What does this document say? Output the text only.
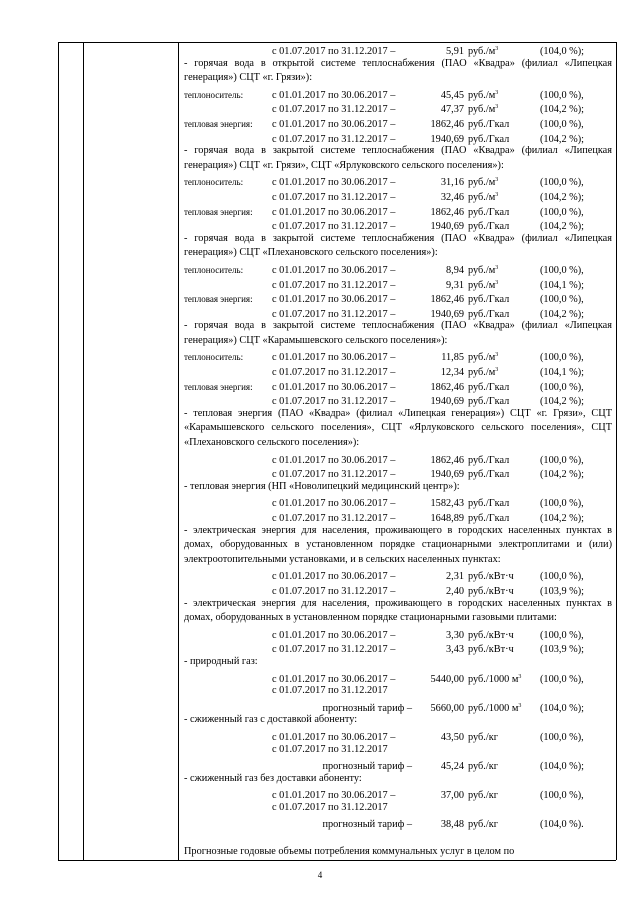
с 01.07.2017 по 31.12.2017 –	5,91 $руб./м^3$	(104,0 %);
- горячая вода в открытой системе теплоснабжения (ПАО «Квадра» (филиал «Липецкая генерация») СЦТ «г. Грязи»):
теплоноситель:	с 01.01.2017 по 30.06.2017 –	45,45 $руб./м^3$	(100,0 %),
с 01.07.2017 по 31.12.2017 –	47,37 $руб./м^3$	(104,2 %);
тепловая энергия:	с 01.01.2017 по 30.06.2017 –	1862,46 руб./Гкал	(100,0 %),
с 01.07.2017 по 31.12.2017 –	1940,69 руб./Гкал	(104,2 %);
- горячая вода в закрытой системе теплоснабжения (ПАО «Квадра» (филиал «Липецкая генерация») СЦТ «г. Грязи», СЦТ «Ярлуковского сельского поселения»):
теплоноситель:	с 01.01.2017 по 30.06.2017 –	31,16 $руб./м^3$	(100,0 %),
с 01.07.2017 по 31.12.2017 –	32,46 $руб./м^3$	(104,2 %);
тепловая энергия:	с 01.01.2017 по 30.06.2017 –	1862,46 руб./Гкал	(100,0 %),
с 01.07.2017 по 31.12.2017 –	1940,69 руб./Гкал	(104,2 %);
- горячая вода в закрытой системе теплоснабжения (ПАО «Квадра» (филиал «Липецкая генерация») СЦТ «Плехановского сельского поселения»):
теплоноситель:	с 01.01.2017 по 30.06.2017 –	8,94 $руб./м^3$	(100,0 %),
с 01.07.2017 по 31.12.2017 –	9,31 $руб./м^3$	(104,1 %);
тепловая энергия:	с 01.01.2017 по 30.06.2017 –	1862,46 руб./Гкал	(100,0 %),
с 01.07.2017 по 31.12.2017 –	1940,69 руб./Гкал	(104,2 %);
- горячая вода в закрытой системе теплоснабжения (ПАО «Квадра» (филиал «Липецкая генерация») СЦТ «Карамышевского сельского поселения»):
теплоноситель:	с 01.01.2017 по 30.06.2017 –	11,85 $руб./м^3$	(100,0 %),
с 01.07.2017 по 31.12.2017 –	12,34 $руб./м^3$	(104,1 %);
тепловая энергия:	с 01.01.2017 по 30.06.2017 –	1862,46 руб./Гкал	(100,0 %),
с 01.07.2017 по 31.12.2017 –	1940,69 руб./Гкал	(104,2 %);
- тепловая энергия (ПАО «Квадра» (филиал «Липецкая генерация») СЦТ «г. Грязи», СЦТ «Карамышевского сельского поселения», СЦТ «Ярлуковского сельского поселения», СЦТ «Плехановского сельского поселения»):
с 01.01.2017 по 30.06.2017 –	1862,46 руб./Гкал	(100,0 %),
с 01.07.2017 по 31.12.2017 –	1940,69 руб./Гкал	(104,2 %);
- тепловая энергия (НП «Новолипецкий медицинский центр»):
с 01.01.2017 по 30.06.2017 –	1582,43 руб./Гкал	(100,0 %),
с 01.07.2017 по 31.12.2017 –	1648,89 руб./Гкал	(104,2 %);
- электрическая энергия для населения, проживающего в городских населенных пунктах в домах, оборудованных в установленном порядке стационарными электроплитами и (или) электроотопительными установками, и в сельских населенных пунктах:
с 01.01.2017 по 30.06.2017 –	2,31 руб./кВт·ч	(100,0 %),
с 01.07.2017 по 31.12.2017 –	2,40 руб./кВт·ч	(103,9 %);
- электрическая энергия для населения, проживающего в городских населенных пунктах в домах, оборудованных в установленном порядке стационарными газовыми плитами:
с 01.01.2017 по 30.06.2017 –	3,30 руб./кВт·ч	(100,0 %),
с 01.07.2017 по 31.12.2017 –	3,43 руб./кВт·ч	(103,9 %);
- природный газ:
с 01.01.2017 по 30.06.2017 –	5440,00 руб./1000 $м^3$	(100,0 %),
с 01.07.2017 по 31.12.2017
прогнозный тариф –	5660,00 руб./1000 $м^3$	(104,0 %);
- сжиженный газ с доставкой абоненту:
с 01.01.2017 по 30.06.2017 –	43,50 руб./кг	(100,0 %),
с 01.07.2017 по 31.12.2017
прогнозный тариф –	45,24 руб./кг	(104,0 %);
- сжиженный газ без доставки абоненту:
с 01.01.2017 по 30.06.2017 –	37,00 руб./кг	(100,0 %),
с 01.07.2017 по 31.12.2017
прогнозный тариф –	38,48 руб./кг	(104,0 %).
Прогнозные годовые объемы потребления коммунальных услуг в целом по
4
